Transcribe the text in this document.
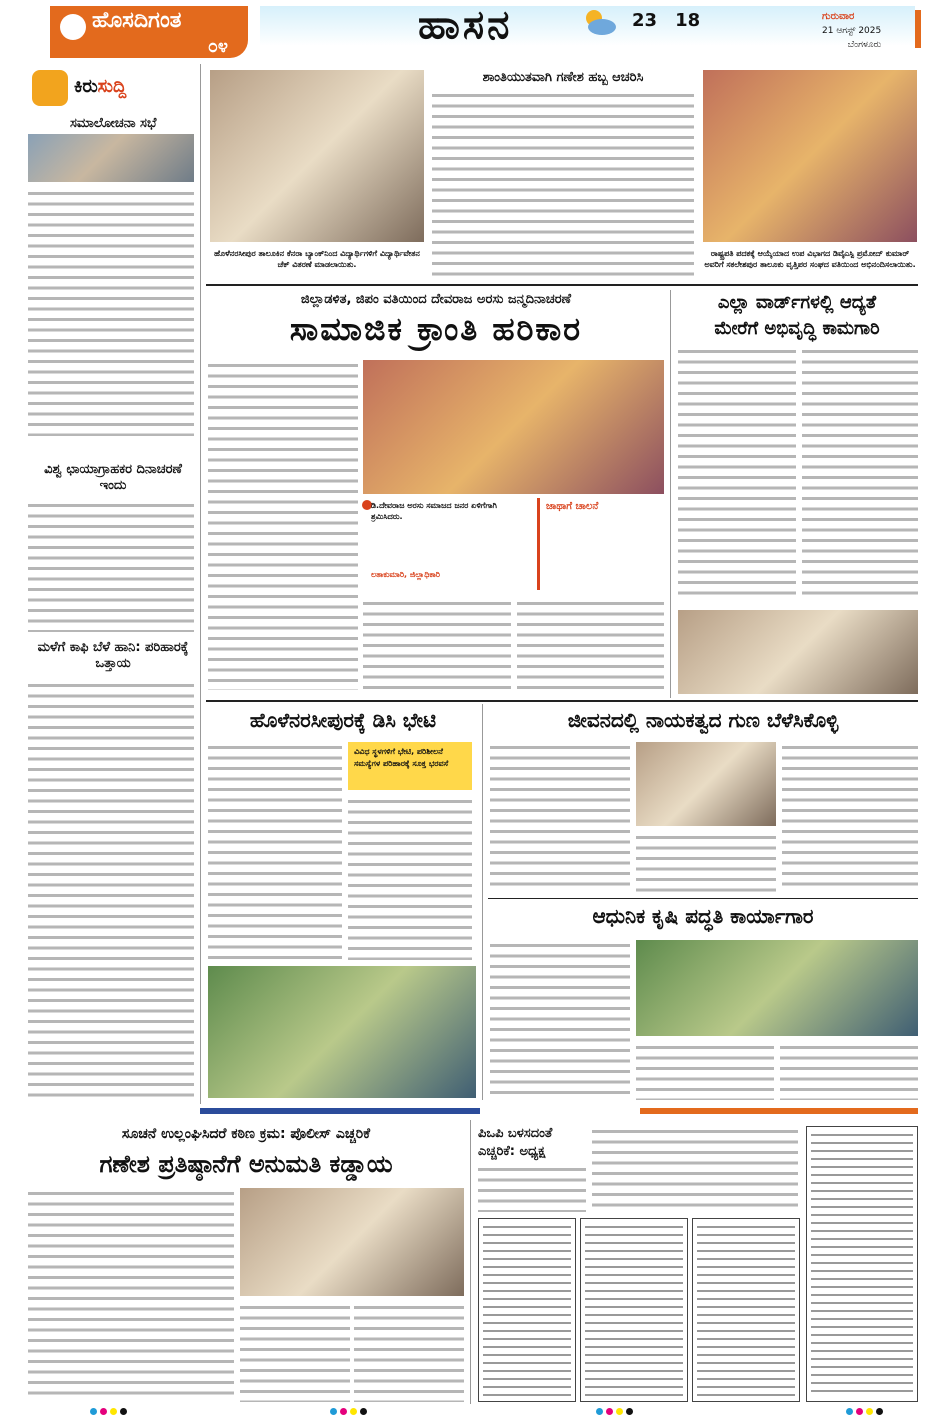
ಹೊಸದಿಗಂತ
೦೪	ಹಾಸನ	23 18	ಗುರುವಾರ
21 ಆಗಸ್ಟ್ 2025
ಬೆಂಗಳೂರು
ಕಿರುಸುದ್ದಿ
ಸಮಾಲೋಚನಾ ಸಭೆ
ವಿಶ್ವ ಛಾಯಾಗ್ರಾಹಕರ ದಿನಾಚರಣೆ ಇಂದು
ಮಳೆಗೆ ಕಾಫಿ ಬೆಳೆ ಹಾನಿ: ಪರಿಹಾರಕ್ಕೆ ಒತ್ತಾಯ
ಹೊಳೆನರಸೀಪುರ ತಾಲೂಕಿನ ಕೆನರಾ ಬ್ಯಾಂಕ್‌ನಿಂದ ವಿದ್ಯಾರ್ಥಿಗಳಿಗೆ ವಿದ್ಯಾರ್ಥಿವೇತನ ಚೆಕ್ ವಿತರಣೆ ಮಾಡಲಾಯಿತು.
ಶಾಂತಿಯುತವಾಗಿ ಗಣೇಶ ಹಬ್ಬ ಆಚರಿಸಿ
ರಾಷ್ಟ್ರಪತಿ ಪದಕಕ್ಕೆ ಆಯ್ಕೆಯಾದ ಉಪ ವಿಭಾಗದ ಡಿವೈಎಸ್ಪಿ ಪ್ರಮೋದ್ ಕುಮಾರ್ ಅವರಿಗೆ ಸಕಲೇಶಪುರ ತಾಲೂಕು ವೃತ್ತಿಪರ ಸಂಘದ ವತಿಯಿಂದ ಅಭಿನಂದಿಸಲಾಯಿತು.
ಜಿಲ್ಲಾಡಳಿತ, ಜಿಪಂ ವತಿಯಿಂದ ದೇವರಾಜ ಅರಸು ಜನ್ಮದಿನಾಚರಣೆ
ಸಾಮಾಜಿಕ ಕ್ರಾಂತಿ ಹರಿಕಾರ
ಡಿ.ದೇವರಾಜ ಅರಸು ಸಮಾಜದ ಜನರ ಏಳಿಗೆಗಾಗಿ ಶ್ರಮಿಸಿದರು.
ಲತಾಕುಮಾರಿ, ಜಿಲ್ಲಾಧಿಕಾರಿ
ಜಾಥಾಗೆ ಚಾಲನೆ
ಎಲ್ಲಾ ವಾರ್ಡ್‌ಗಳಲ್ಲಿ ಆದ್ಯತೆ
ಮೇರೆಗೆ ಅಭಿವೃದ್ಧಿ ಕಾಮಗಾರಿ
ಹೊಳೆನರಸೀಪುರಕ್ಕೆ ಡಿಸಿ ಭೇಟಿ
ವಿವಿಧ ಸ್ಥಳಗಳಿಗೆ ಭೇಟಿ, ಪರಿಶೀಲನೆ
ಸಮಸ್ಯೆಗಳ ಪರಿಹಾರಕ್ಕೆ ಸೂಕ್ತ ಭರವಸೆ
ಜೀವನದಲ್ಲಿ ನಾಯಕತ್ವದ ಗುಣ ಬೆಳೆಸಿಕೊಳ್ಳಿ
ಆಧುನಿಕ ಕೃಷಿ ಪದ್ಧತಿ ಕಾರ್ಯಾಗಾರ
ಸೂಚನೆ ಉಲ್ಲಂಘಿಸಿದರೆ ಕಠಿಣ ಕ್ರಮ: ಪೊಲೀಸ್ ಎಚ್ಚರಿಕೆ
ಗಣೇಶ ಪ್ರತಿಷ್ಠಾನೆಗೆ ಅನುಮತಿ ಕಡ್ಡಾಯ
ಪಿಒಪಿ ಬಳಸದಂತೆ
ಎಚ್ಚರಿಕೆ: ಅಧ್ಯಕ್ಷ
